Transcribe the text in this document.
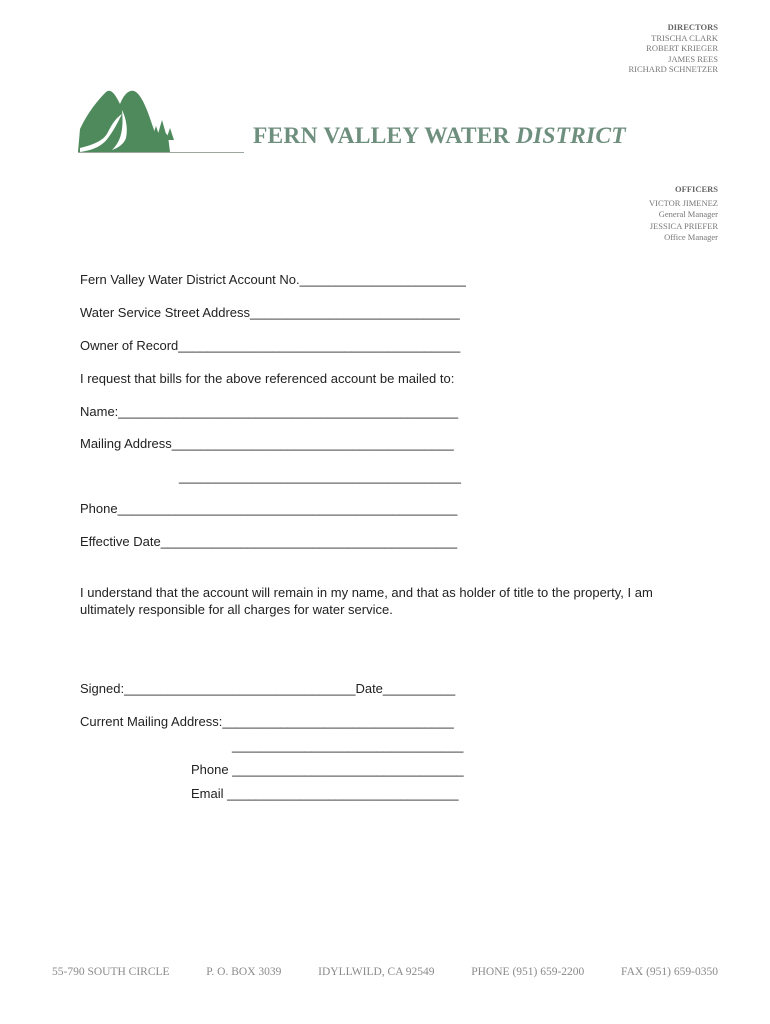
DIRECTORS
TRISCHA CLARK
ROBERT KRIEGER
JAMES REES
RICHARD SCHNETZER
FERN VALLEY WATER DISTRICT
OFFICERS
VICTOR JIMENEZ
General Manager
JESSICA PRIEFER
Office Manager
Fern Valley Water District Account No._______________________
Water Service Street Address_____________________________
Owner of Record_______________________________________
I request that bills for the above referenced account be mailed to:
Name:_______________________________________________
Mailing Address_______________________________________
_______________________________________
Phone_______________________________________________
Effective Date_________________________________________
I understand that the account will remain in my name, and that as holder of title to the property, I am ultimately responsible for all charges for water service.
Signed:________________________________Date__________
Current Mailing Address:________________________________
________________________________
Phone ________________________________
Email ________________________________
55-790 SOUTH CIRCLE	P. O. BOX 3039	IDYLLWILD, CA 92549	PHONE (951) 659-2200	FAX (951) 659-0350
